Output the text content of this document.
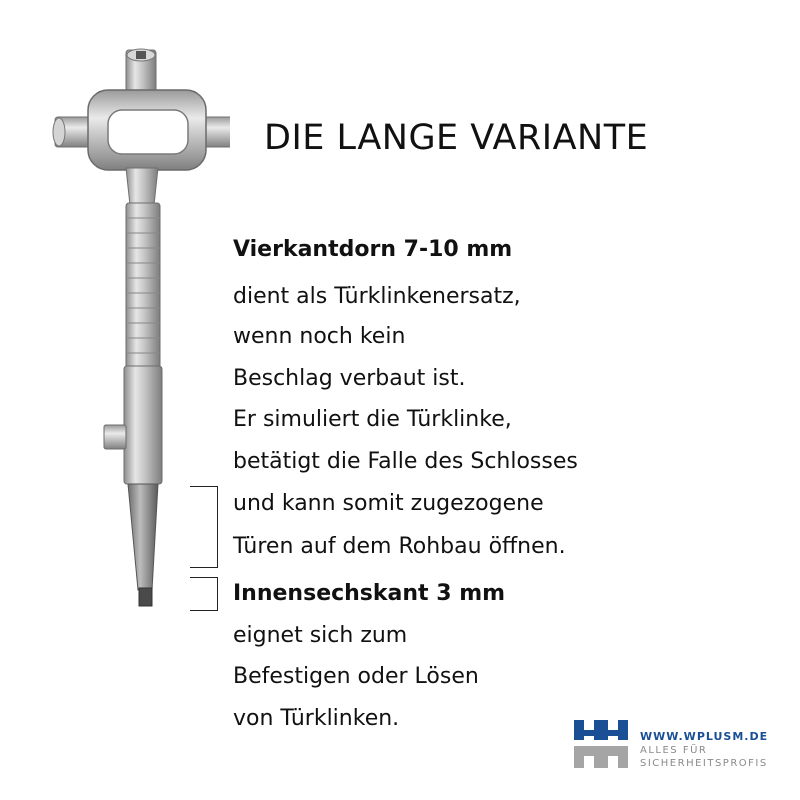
DIE LANGE VARIANTE
Vierkantdorn 7-10 mm
dient als Türklinkenersatz,
wenn noch kein
Beschlag verbaut ist.
Er simuliert die Türklinke,
betätigt die Falle des Schlosses
und kann somit zugezogene
Türen auf dem Rohbau öffnen.
Innensechskant 3 mm
eignet sich zum
Befestigen oder Lösen
von Türklinken.
WWW.WPLUSM.DE
ALLES FÜR
SICHERHEITSPROFIS
